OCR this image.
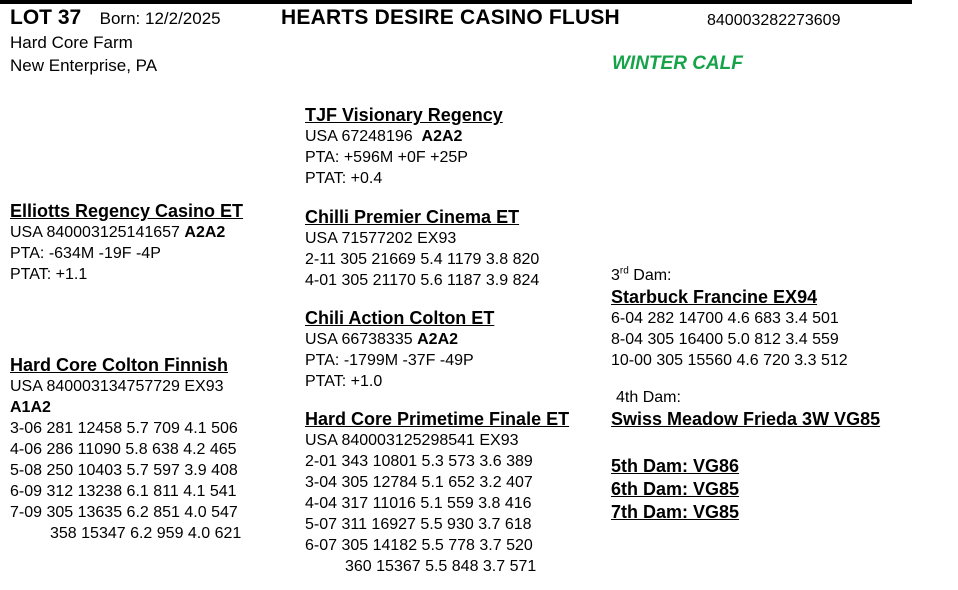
LOT 37 Born: 12/2/2025	HEARTS DESIRE CASINO FLUSH	840003282273609
Hard Core Farm
New Enterprise, PA	WINTER CALF
TJF Visionary Regency
USA 67248196 A2A2
PTA: +596M +0F +25P
PTAT: +0.4
Elliotts Regency Casino ET
USA 840003125141657 A2A2
PTA: -634M -19F -4P
PTAT: +1.1
Chilli Premier Cinema ET
USA 71577202 EX93
2-11 305 21669 5.4 1179 3.8 820
4-01 305 21170 5.6 1187 3.9 824	3rd Dam:
Starbuck Francine EX94
6-04 282 14700 4.6 683 3.4 501
8-04 305 16400 5.0 812 3.4 559
10-00 305 15560 4.6 720 3.3 512
Chili Action Colton ET
USA 66738335 A2A2
PTA: -1799M -37F -49P
PTAT: +1.0
Hard Core Colton Finnish
USA 840003134757729 EX93
A1A2
3-06 281 12458 5.7 709 4.1 506
4-06 286 11090 5.8 638 4.2 465
5-08 250 10403 5.7 597 3.9 408
6-09 312 13238 6.1 811 4.1 541
7-09 305 13635 6.2 851 4.0 547
358 15347 6.2 959 4.0 621
4th Dam:
Swiss Meadow Frieda 3W VG85
Hard Core Primetime Finale ET
USA 840003125298541 EX93
2-01 343 10801 5.3 573 3.6 389
3-04 305 12784 5.1 652 3.2 407
4-04 317 11016 5.1 559 3.8 416
5-07 311 16927 5.5 930 3.7 618
6-07 305 14182 5.5 778 3.7 520
360 15367 5.5 848 3.7 571
5th Dam: VG86
6th Dam: VG85
7th Dam: VG85
